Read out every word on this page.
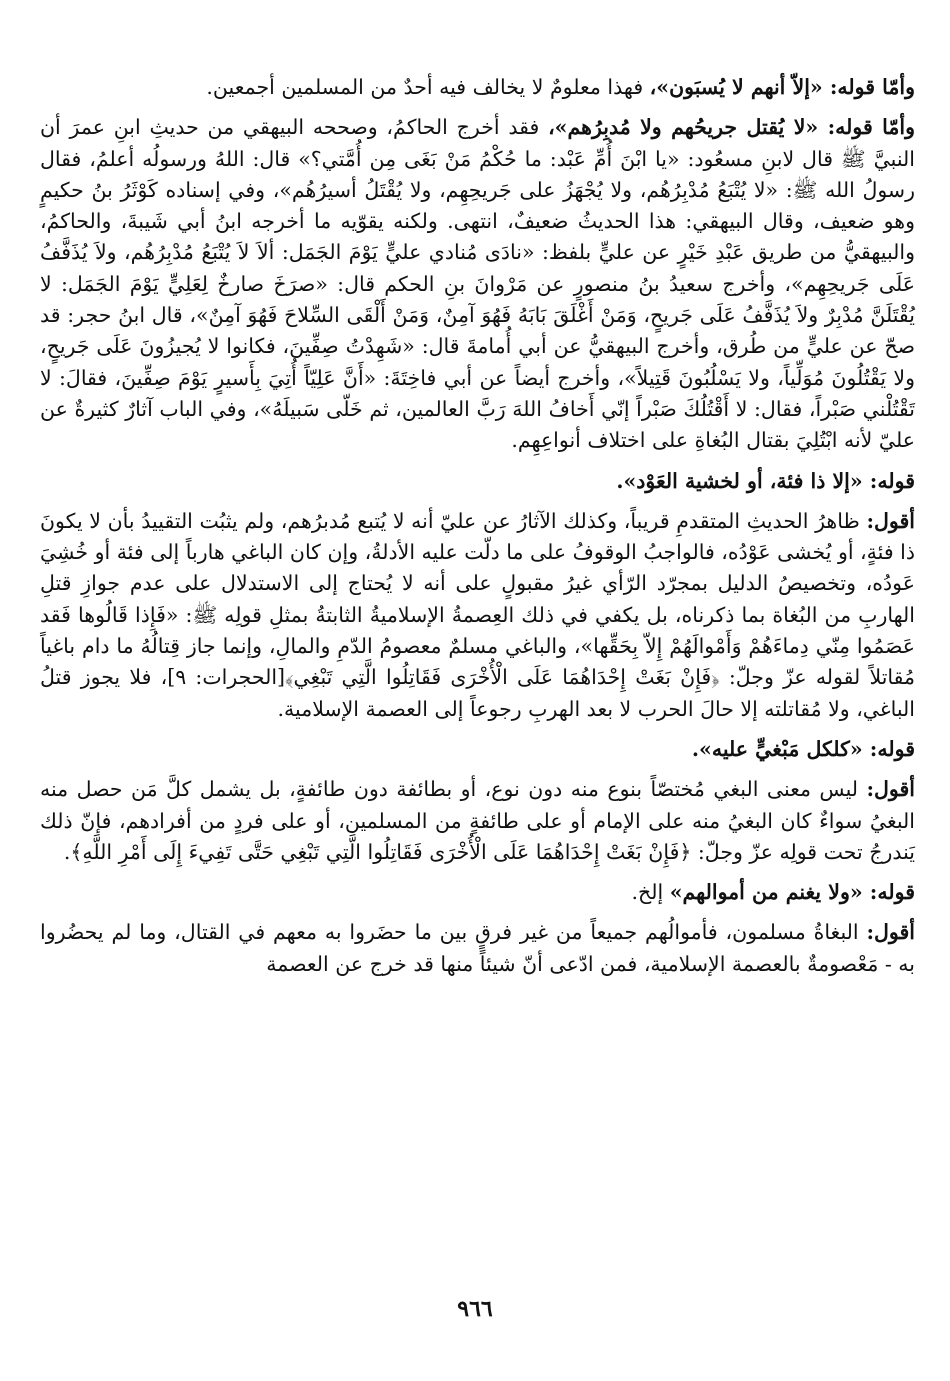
وأمّا قوله: «إلاّ أنهم لا يُسبَون»، فهذا معلومٌ لا يخالف فيه أحدٌ من المسلمين أجمعين.

وأمّا قوله: «لا يُقتل جريحُهم ولا مُدبِرُهم»، فقد أخرج الحاكمُ، وصححه البيهقي من حديثِ ابنِ عمرَ أن النبيَّ ﷺ قال لابنِ مسعُود: «يا ابْنَ أُمِّ عَبْد: ما حُكْمُ مَنْ بَغَى مِن أُمَّتي؟» قال: اللهُ ورسولُه أعلمُ، فقال رسولُ الله ﷺ: «لا يُتْبَعُ مُدْبِرُهُم، ولا يُجْهَزُ على جَريحِهِم، ولا يُقْتَلُ أسيرُهُم»، وفي إسناده كَوْثَرُ بنُ حكيمٍ وهو ضعيف، وقال البيهقي: هذا الحديثُ ضعيفٌ، انتهى. ولكنه يقوّيه ما أخرجه ابنُ أبي شَيبةَ، والحاكمُ، والبيهقيُّ من طريق عَبْدِ خَيْرٍ عن عليٍّ بلفظ: «نادَى مُنادي عليٍّ يَوْمَ الجَمَل: ألاَ لاَ يُتْبَعُ مُدْبِرُهُم، ولاَ يُذَفَّفُ عَلَى جَريحِهِم»، وأخرج سعيدُ بنُ منصورٍ عن مَرْوانَ بنِ الحكم قال: «صرَخَ صارخٌ لِعَلِيٍّ يَوْمَ الجَمَل: لا يُقْتَلَنَّ مُدْبِرٌ ولاَ يُذَفَّفُ عَلَى جَريحٍ، وَمَنْ أَغْلَقَ بَابَهُ فَهُوَ آمِنٌ، وَمَنْ أَلْقَى السِّلاحَ فَهُوَ آمِنٌ»، قال ابنُ حجر: قد صحّ عن عليٍّ من طُرق، وأخرج البيهقيُّ عن أبي أُمامةَ قال: «شَهِدْتُ صِفِّينَ، فكانوا لا يُجيزُونَ عَلَى جَريحٍ، ولا يَقْتُلُونَ مُوَلِّياً، ولا يَسْلُبُونَ قَتِيلاً»، وأخرج أيضاً عن أبي فاخِتَةَ: «أَنَّ عَلِيّاً أُتِيَ بِأَسيرٍ يَوْمَ صِفِّينَ، فقالَ: لا تَقْتُلْني صَبْراً، فقال: لا أَقْتُلُكَ صَبْراً إنّي أَخافُ اللهَ رَبَّ العالمين، ثم خَلّى سَبيلَهُ»، وفي الباب آثارٌ كثيرةٌ عن عليّ لأنه ابْتُلِيَ بقتال البُغاةِ على اختلاف أنواعِهِم.

قوله: «إلا ذا فئة، أو لخشية العَوْد».

أقول: ظاهرُ الحديثِ المتقدمِ قريباً، وكذلك الآثارُ عن عليّ أنه لا يُتبع مُدبرُهم، ولم يثبُت التقييدُ بأن لا يكونَ ذا فئةٍ، أو يُخشى عَوْدُه، فالواجبُ الوقوفُ على ما دلّت عليه الأدلةُ، وإن كان الباغي هارباً إلى فئة أو خُشِيَ عَودُه، وتخصيصُ الدليل بمجرّد الرّأي غيرُ مقبولٍ على أنه لا يُحتاج إلى الاستدلال على عدم جوازِ قتلِ الهاربِ من البُغاة بما ذكرناه، بل يكفي في ذلك العِصمةُ الإسلاميةُ الثابتةُ بمثلِ قولِه ﷺ: «فَإِذا قَالُوها فَقد عَصَمُوا مِنّي دِماءَهُمْ وَأَمْوالَهُمْ إِلاّ بِحَقِّها»، والباغي مسلمٌ معصومُ الدّمِ والمالِ، وإنما جاز قِتالُهُ ما دام باغياً مُقاتلاً لقوله عزّ وجلّ: ﴿فَإِنْ بَغَتْ إِحْدَاهُمَا عَلَى الْأُخْرَى فَقَاتِلُوا الَّتِي تَبْغِي﴾[الحجرات: ٩]، فلا يجوز قتلُ الباغي، ولا مُقاتلته إلا حالَ الحرب لا بعد الهربِ رجوعاً إلى العصمة الإسلامية.

قوله: «كلكل مَبْغيٍّ عليه».

أقول: ليس معنى البغي مُختصّاً بنوع منه دون نوع، أو بطائفة دون طائفةٍ، بل يشمل كلَّ مَن حصل منه البغيُ سواءٌ كان البغيُ منه على الإمام أو على طائفةٍ من المسلمين، أو على فردٍ من أفرادهم، فإنّ ذلك يَندرجُ تحت قولِه عزّ وجلّ: ﴿فَإِنْ بَغَتْ إِحْدَاهُمَا عَلَى الْأُخْرَى فَقَاتِلُوا الَّتِي تَبْغِي حَتَّى تَفِيءَ إِلَى أَمْرِ اللَّهِ﴾.

قوله: «ولا يغنم من أموالهم» إلخ.

أقول: البغاةُ مسلمون، فأموالُهم جميعاً من غير فرقٍ بين ما حضَروا به معهم في القتال، وما لم يحضُروا به - مَعْصومةٌ بالعصمة الإسلامية، فمن ادّعى أنّ شيئاً منها قد خرج عن العصمة

٩٦٦
